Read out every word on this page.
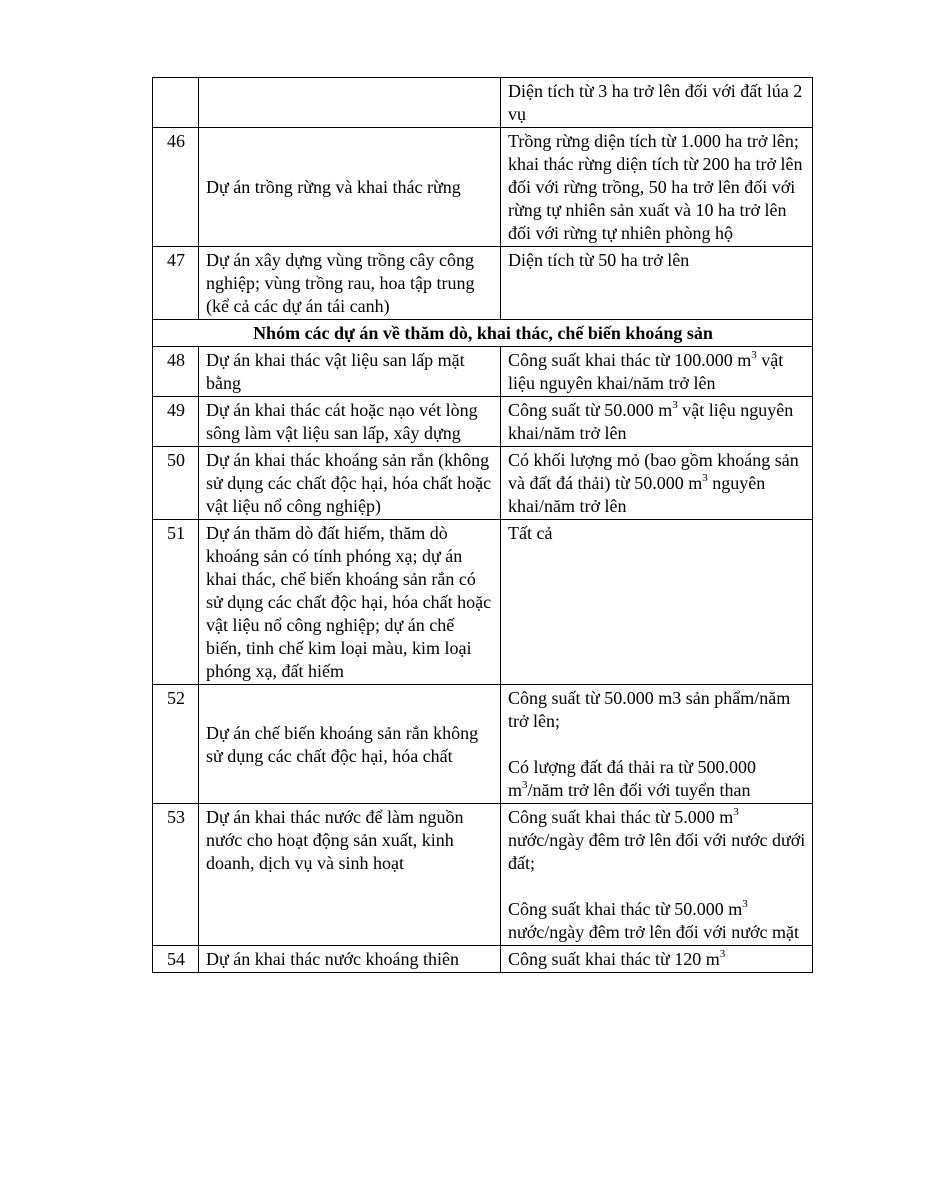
		Diện tích từ 3 ha trở lên đối với đất lúa 2 vụ

46	Dự án trồng rừng và khai thác rừng	Trồng rừng diện tích từ 1.000 ha trở lên; khai thác rừng diện tích từ 200 ha trở lên đối với rừng trồng, 50 ha trở lên đối với rừng tự nhiên sản xuất và 10 ha trở lên đối với rừng tự nhiên phòng hộ

47	Dự án xây dựng vùng trồng cây công nghiệp; vùng trồng rau, hoa tập trung (kể cả các dự án tái canh)	Diện tích từ 50 ha trở lên

Nhóm các dự án về thăm dò, khai thác, chế biến khoáng sản		
48	Dự án khai thác vật liệu san lấp mặt bằng	Công suất khai thác từ 100.000 $m^3$ vật liệu nguyên khai/năm trở lên

49	Dự án khai thác cát hoặc nạo vét lòng sông làm vật liệu san lấp, xây dựng	Công suất từ 50.000 $m^3$ vật liệu nguyên khai/năm trở lên

50	Dự án khai thác khoáng sản rắn (không sử dụng các chất độc hại, hóa chất hoặc vật liệu nổ công nghiệp)	Có khối lượng mỏ (bao gồm khoáng sản và đất đá thải) từ 50.000 $m^3$ nguyên khai/năm trở lên

51	Dự án thăm dò đất hiếm, thăm dò khoáng sản có tính phóng xạ; dự án khai thác, chế biến khoáng sản rắn có sử dụng các chất độc hại, hóa chất hoặc vật liệu nổ công nghiệp; dự án chế biến, tinh chế kim loại màu, kim loại phóng xạ, đất hiếm	Tất cả

52	Dự án chế biến khoáng sản rắn không sử dụng các chất độc hại, hóa chất	Công suất từ 50.000 m3 sản phẩm/năm trở lên;
Có lượng đất đá thải ra từ 500.000 $m^3$/năm trở lên đối với tuyển than

53	Dự án khai thác nước để làm nguồn nước cho hoạt động sản xuất, kinh doanh, dịch vụ và sinh hoạt	Công suất khai thác từ 5.000 $m^3$ nước/ngày đêm trở lên đối với nước dưới đất;
Công suất khai thác từ 50.000 $m^3$ nước/ngày đêm trở lên đối với nước mặt

54	Dự án khai thác nước khoáng thiên	Công suất khai thác từ 120 $m^3$
